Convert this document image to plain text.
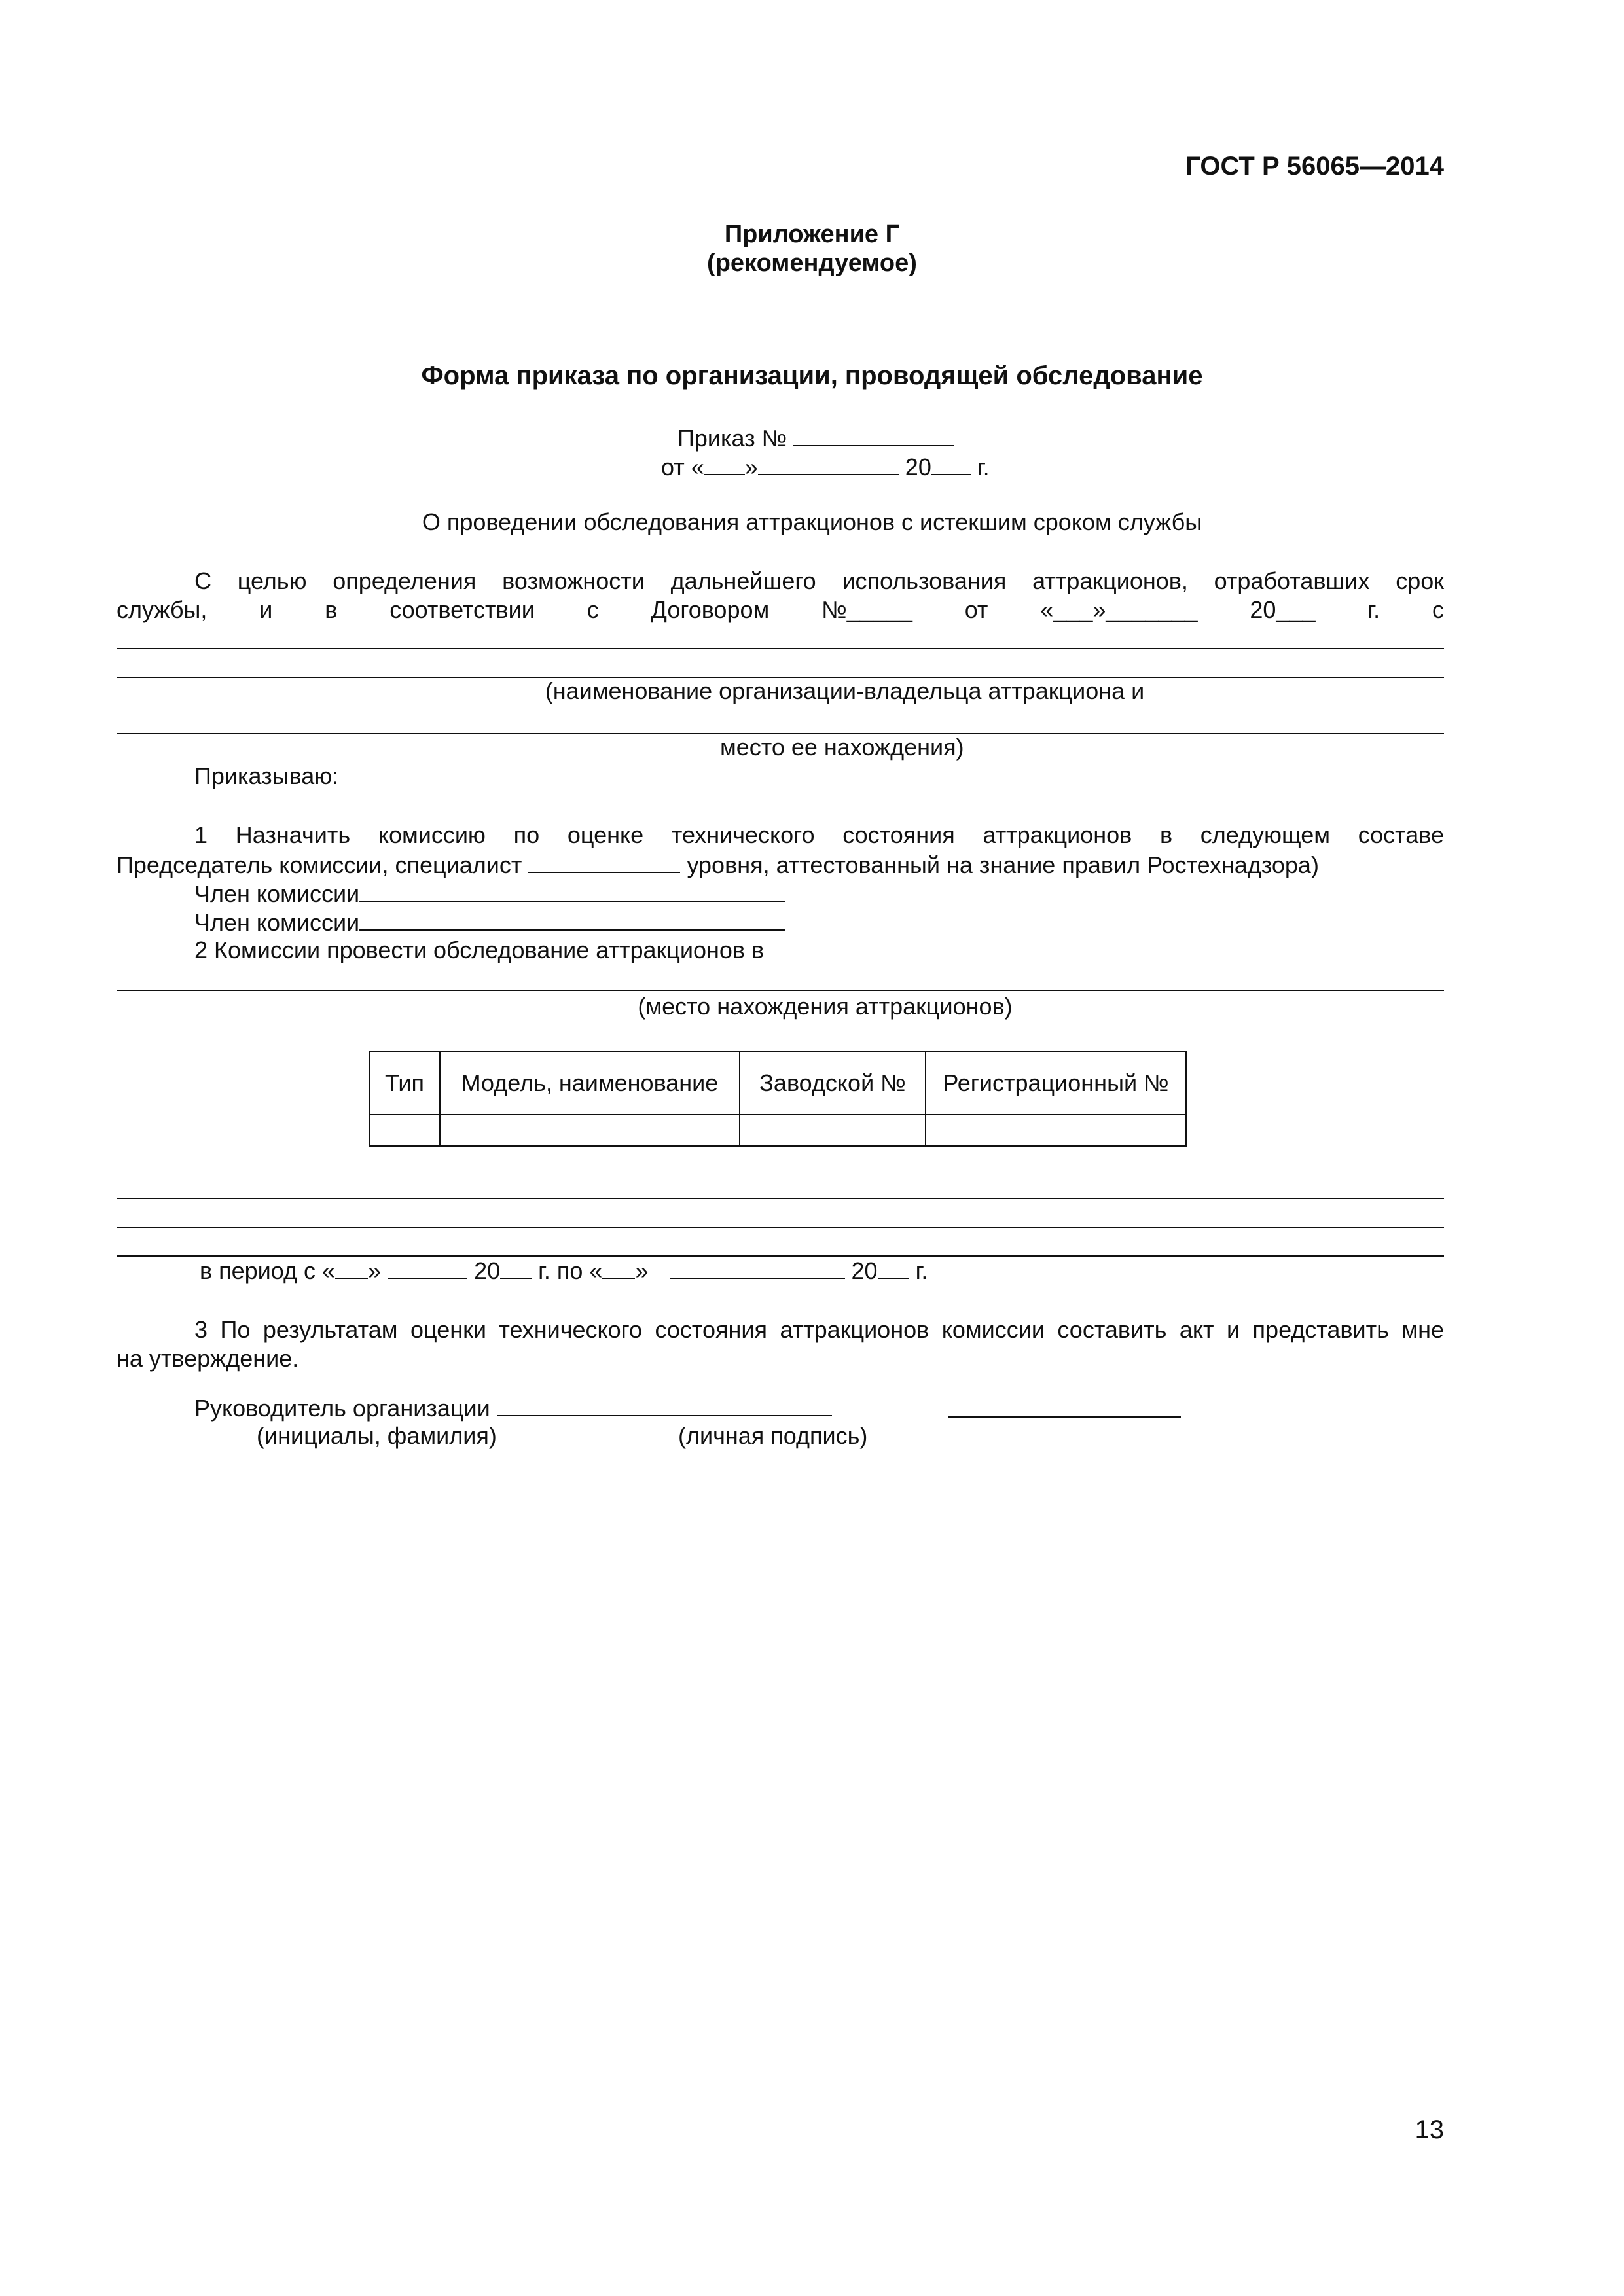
ГОСТ Р 56065—2014
Приложение Г
(рекомендуемое)
Форма приказа по организации, проводящей обследование
Приказ №
от « »	20 г.
О проведении обследования аттракционов с истекшим сроком службы
С целью определения возможности дальнейшего использования аттракционов, отработавших срок
службы, и в соответствии с Договором №_____ от «___»_______ 20___ г. с
(наименование организации-владельца аттракциона и
место ее нахождения)
Приказываю:
1 Назначить комиссию по оценке технического состояния аттракционов в следующем составе
Председатель комиссии, специалист	уровня, аттестованный на знание правил Ростехнадзора)
Член комиссии
Член комиссии
2 Комиссии провести обследование аттракционов в
(место нахождения аттракционов)
Тип	Модель, наименование	Заводской №	Регистрационный №

в период с « »	20 г. по « »	20 г.
3 По результатам оценки технического состояния аттракционов комиссии составить акт и представить мне
на утверждение.
Руководитель организации
(инициалы, фамилия)	(личная подпись)
13
